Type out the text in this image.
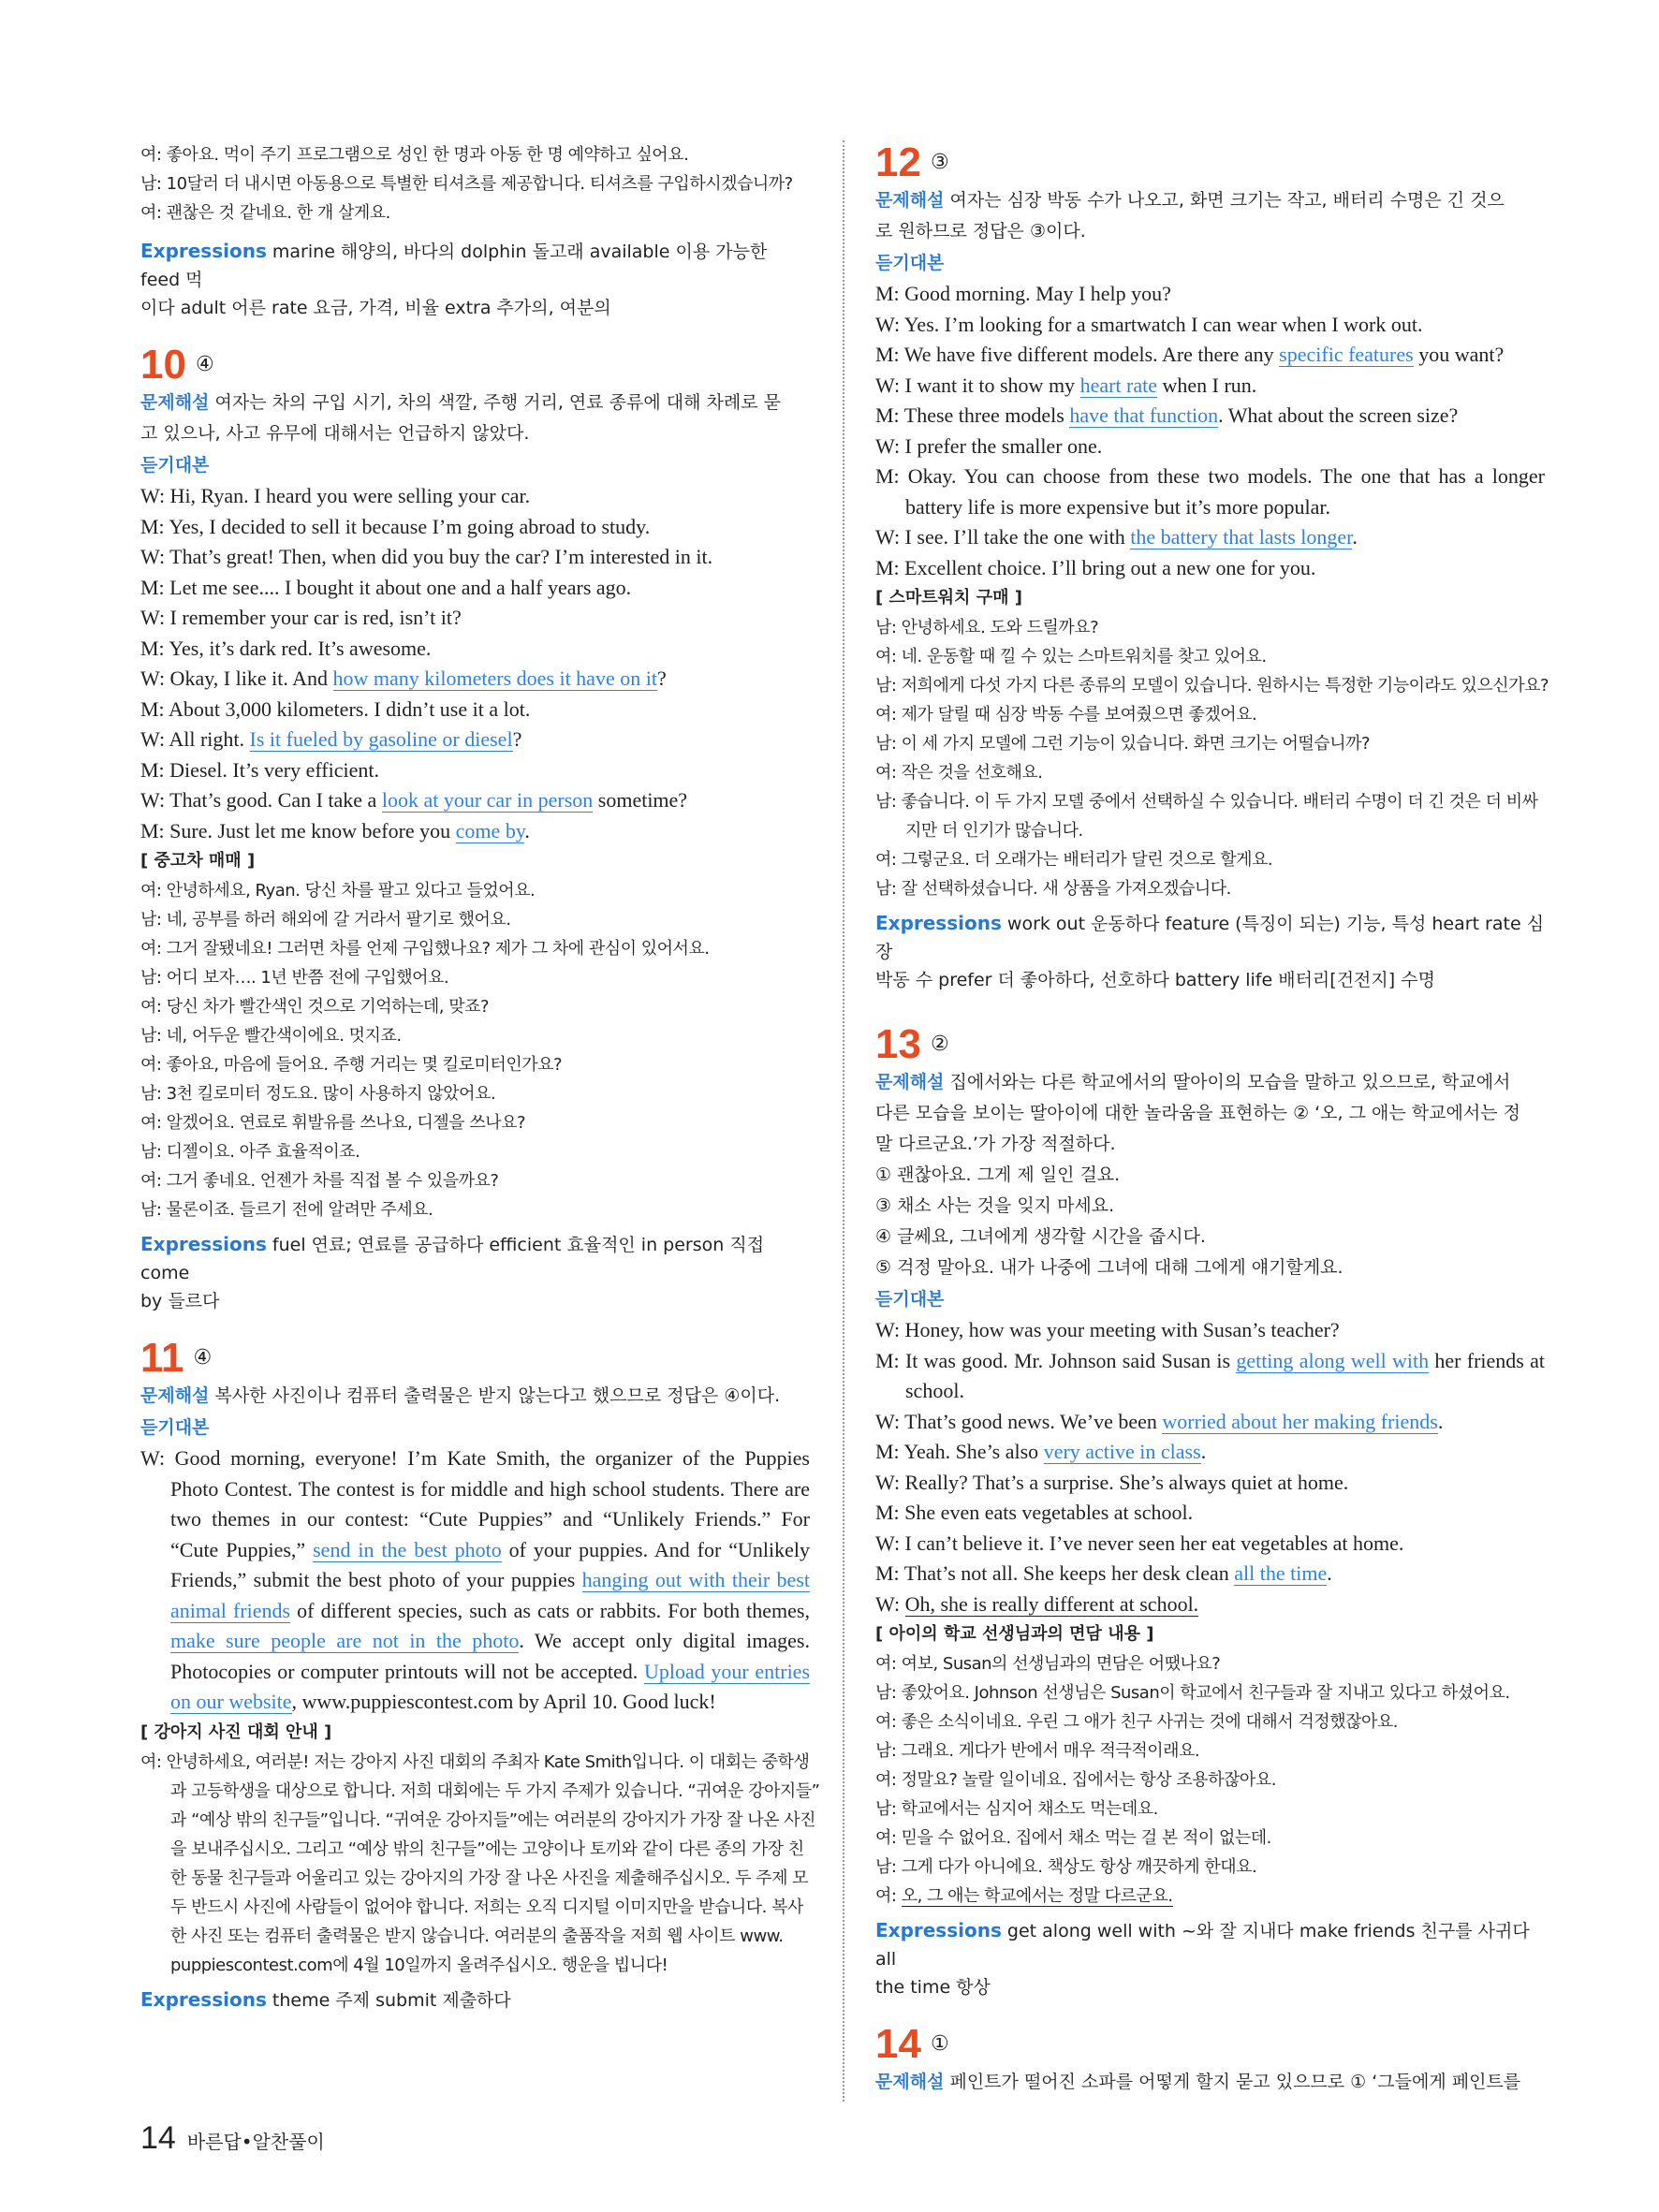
여: 좋아요. 먹이 주기 프로그램으로 성인 한 명과 아동 한 명 예약하고 싶어요.
남: 10달러 더 내시면 아동용으로 특별한 티셔츠를 제공합니다. 티셔츠를 구입하시겠습니까?
여: 괜찮은 것 같네요. 한 개 살게요.
Expressions marine 해양의, 바다의 dolphin 돌고래 available 이용 가능한 feed 먹
이다 adult 어른 rate 요금, 가격, 비율 extra 추가의, 여분의
10 ④
문제해설 여자는 차의 구입 시기, 차의 색깔, 주행 거리, 연료 종류에 대해 차례로 묻
고 있으나, 사고 유무에 대해서는 언급하지 않았다.
듣기대본
W: Hi, Ryan. I heard you were selling your car.
M: Yes, I decided to sell it because I’m going abroad to study.
W: That’s great! Then, when did you buy the car? I’m interested in it.
M: Let me see.... I bought it about one and a half years ago.
W: I remember your car is red, isn’t it?
M: Yes, it’s dark red. It’s awesome.
W: Okay, I like it. And how many kilometers does it have on it?
M: About 3,000 kilometers. I didn’t use it a lot.
W: All right. Is it fueled by gasoline or diesel?
M: Diesel. It’s very efficient.
W: That’s good. Can I take a look at your car in person sometime?
M: Sure. Just let me know before you come by.
[ 중고차 매매 ]
여: 안녕하세요, Ryan. 당신 차를 팔고 있다고 들었어요.
남: 네, 공부를 하러 해외에 갈 거라서 팔기로 했어요.
여: 그거 잘됐네요! 그러면 차를 언제 구입했나요? 제가 그 차에 관심이 있어서요.
남: 어디 보자…. 1년 반쯤 전에 구입했어요.
여: 당신 차가 빨간색인 것으로 기억하는데, 맞죠?
남: 네, 어두운 빨간색이에요. 멋지죠.
여: 좋아요, 마음에 들어요. 주행 거리는 몇 킬로미터인가요?
남: 3천 킬로미터 정도요. 많이 사용하지 않았어요.
여: 알겠어요. 연료로 휘발유를 쓰나요, 디젤을 쓰나요?
남: 디젤이요. 아주 효율적이죠.
여: 그거 좋네요. 언젠가 차를 직접 볼 수 있을까요?
남: 물론이죠. 들르기 전에 알려만 주세요.
Expressions fuel 연료; 연료를 공급하다 efficient 효율적인 in person 직접 come
by 들르다
11 ④
문제해설 복사한 사진이나 컴퓨터 출력물은 받지 않는다고 했으므로 정답은 ④이다.
듣기대본
W: Good morning, everyone! I’m Kate Smith, the organizer of the Puppies Photo Contest. The contest is for middle and high school students. There are two themes in our contest: “Cute Puppies” and “Unlikely Friends.” For “Cute Puppies,” send in the best photo of your puppies. And for “Unlikely Friends,” submit the best photo of your puppies hanging out with their best animal friends of different species, such as cats or rabbits. For both themes, make sure people are not in the photo. We accept only digital images. Photocopies or computer printouts will not be accepted. Upload your entries on our website, www.puppiescontest.com by April 10. Good luck!
[ 강아지 사진 대회 안내 ]
여: 안녕하세요, 여러분! 저는 강아지 사진 대회의 주최자 Kate Smith입니다. 이 대회는 중학생
과 고등학생을 대상으로 합니다. 저희 대회에는 두 가지 주제가 있습니다. “귀여운 강아지들”
과 “예상 밖의 친구들”입니다. “귀여운 강아지들”에는 여러분의 강아지가 가장 잘 나온 사진
을 보내주십시오. 그리고 “예상 밖의 친구들”에는 고양이나 토끼와 같이 다른 종의 가장 친
한 동물 친구들과 어울리고 있는 강아지의 가장 잘 나온 사진을 제출해주십시오. 두 주제 모
두 반드시 사진에 사람들이 없어야 합니다. 저희는 오직 디지털 이미지만을 받습니다. 복사
한 사진 또는 컴퓨터 출력물은 받지 않습니다. 여러분의 출품작을 저희 웹 사이트 www.
puppiescontest.com에 4월 10일까지 올려주십시오. 행운을 빕니다!
Expressions theme 주제 submit 제출하다
12 ③
문제해설 여자는 심장 박동 수가 나오고, 화면 크기는 작고, 배터리 수명은 긴 것으
로 원하므로 정답은 ③이다.
듣기대본
M: Good morning. May I help you?
W: Yes. I’m looking for a smartwatch I can wear when I work out.
M: We have five different models. Are there any specific features you want?
W: I want it to show my heart rate when I run.
M: These three models have that function. What about the screen size?
W: I prefer the smaller one.
M: Okay. You can choose from these two models. The one that has a longer battery life is more expensive but it’s more popular.
W: I see. I’ll take the one with the battery that lasts longer.
M: Excellent choice. I’ll bring out a new one for you.
[ 스마트워치 구매 ]
남: 안녕하세요. 도와 드릴까요?
여: 네. 운동할 때 낄 수 있는 스마트워치를 찾고 있어요.
남: 저희에게 다섯 가지 다른 종류의 모델이 있습니다. 원하시는 특정한 기능이라도 있으신가요?
여: 제가 달릴 때 심장 박동 수를 보여줬으면 좋겠어요.
남: 이 세 가지 모델에 그런 기능이 있습니다. 화면 크기는 어떨습니까?
여: 작은 것을 선호해요.
남: 좋습니다. 이 두 가지 모델 중에서 선택하실 수 있습니다. 배터리 수명이 더 긴 것은 더 비싸
지만 더 인기가 많습니다.
여: 그렇군요. 더 오래가는 배터리가 달린 것으로 할게요.
남: 잘 선택하셨습니다. 새 상품을 가져오겠습니다.
Expressions work out 운동하다 feature (특징이 되는) 기능, 특성 heart rate 심장
박동 수 prefer 더 좋아하다, 선호하다 battery life 배터리[건전지] 수명
13 ②
문제해설 집에서와는 다른 학교에서의 딸아이의 모습을 말하고 있으므로, 학교에서
다른 모습을 보이는 딸아이에 대한 놀라움을 표현하는 ② ‘오, 그 애는 학교에서는 정
말 다르군요.’가 가장 적절하다.
① 괜찮아요. 그게 제 일인 걸요.
③ 채소 사는 것을 잊지 마세요.
④ 글쎄요, 그녀에게 생각할 시간을 줍시다.
⑤ 걱정 말아요. 내가 나중에 그녀에 대해 그에게 얘기할게요.
듣기대본
W: Honey, how was your meeting with Susan’s teacher?
M: It was good. Mr. Johnson said Susan is getting along well with her friends at school.
W: That’s good news. We’ve been worried about her making friends.
M: Yeah. She’s also very active in class.
W: Really? That’s a surprise. She’s always quiet at home.
M: She even eats vegetables at school.
W: I can’t believe it. I’ve never seen her eat vegetables at home.
M: That’s not all. She keeps her desk clean all the time.
W: Oh, she is really different at school.
[ 아이의 학교 선생님과의 면담 내용 ]
여: 여보, Susan의 선생님과의 면담은 어땠나요?
남: 좋았어요. Johnson 선생님은 Susan이 학교에서 친구들과 잘 지내고 있다고 하셨어요.
여: 좋은 소식이네요. 우린 그 애가 친구 사귀는 것에 대해서 걱정했잖아요.
남: 그래요. 게다가 반에서 매우 적극적이래요.
여: 정말요? 놀랄 일이네요. 집에서는 항상 조용하잖아요.
남: 학교에서는 심지어 채소도 먹는데요.
여: 믿을 수 없어요. 집에서 채소 먹는 걸 본 적이 없는데.
남: 그게 다가 아니에요. 책상도 항상 깨끗하게 한대요.
여: 오, 그 애는 학교에서는 정말 다르군요.
Expressions get along well with ~와 잘 지내다 make friends 친구를 사귀다 all
the time 항상
14 ①
문제해설 페인트가 떨어진 소파를 어떻게 할지 묻고 있으므로 ① ‘그들에게 페인트를
14 바른답•알찬풀이
